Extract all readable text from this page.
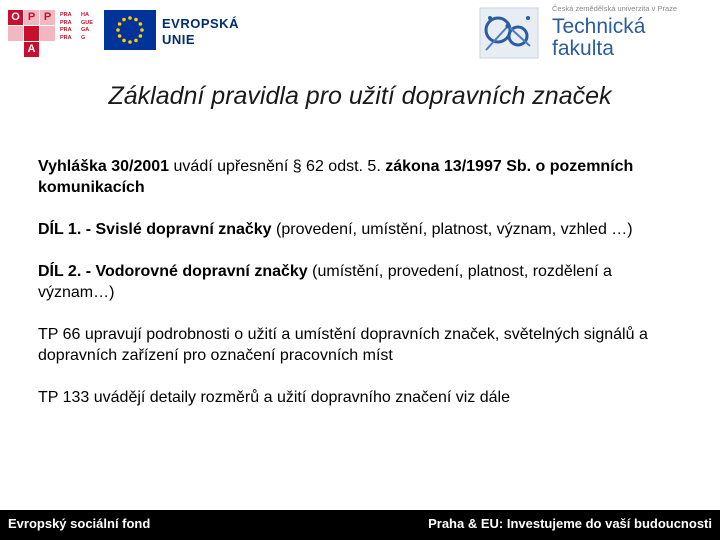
O P P
A
PRA	HA
PRA	GUE
PRA	GA
PRA	G
EVROPSKÁ
UNIE
Česká zemědělská univerzita v Praze
Technická
fakulta
Základní pravidla pro užití dopravních značek

Vyhláška 30/2001 uvádí upřesnění § 62 odst. 5. zákona 13/1997 Sb. o pozemních komunikacích

DÍL 1. - Svislé dopravní značky (provedení, umístění, platnost, význam, vzhled …)

DÍL 2. - Vodorovné dopravní značky (umístění, provedení, platnost, rozdělení a význam…)

TP 66 upravují podrobnosti o užití a umístění dopravních značek, světelných signálů a dopravních zařízení pro označení pracovních míst

TP 133 uvádějí detaily rozměrů a užití dopravního značení viz dále

Evropský sociální fond	Praha & EU: Investujeme do vaší budoucnosti
